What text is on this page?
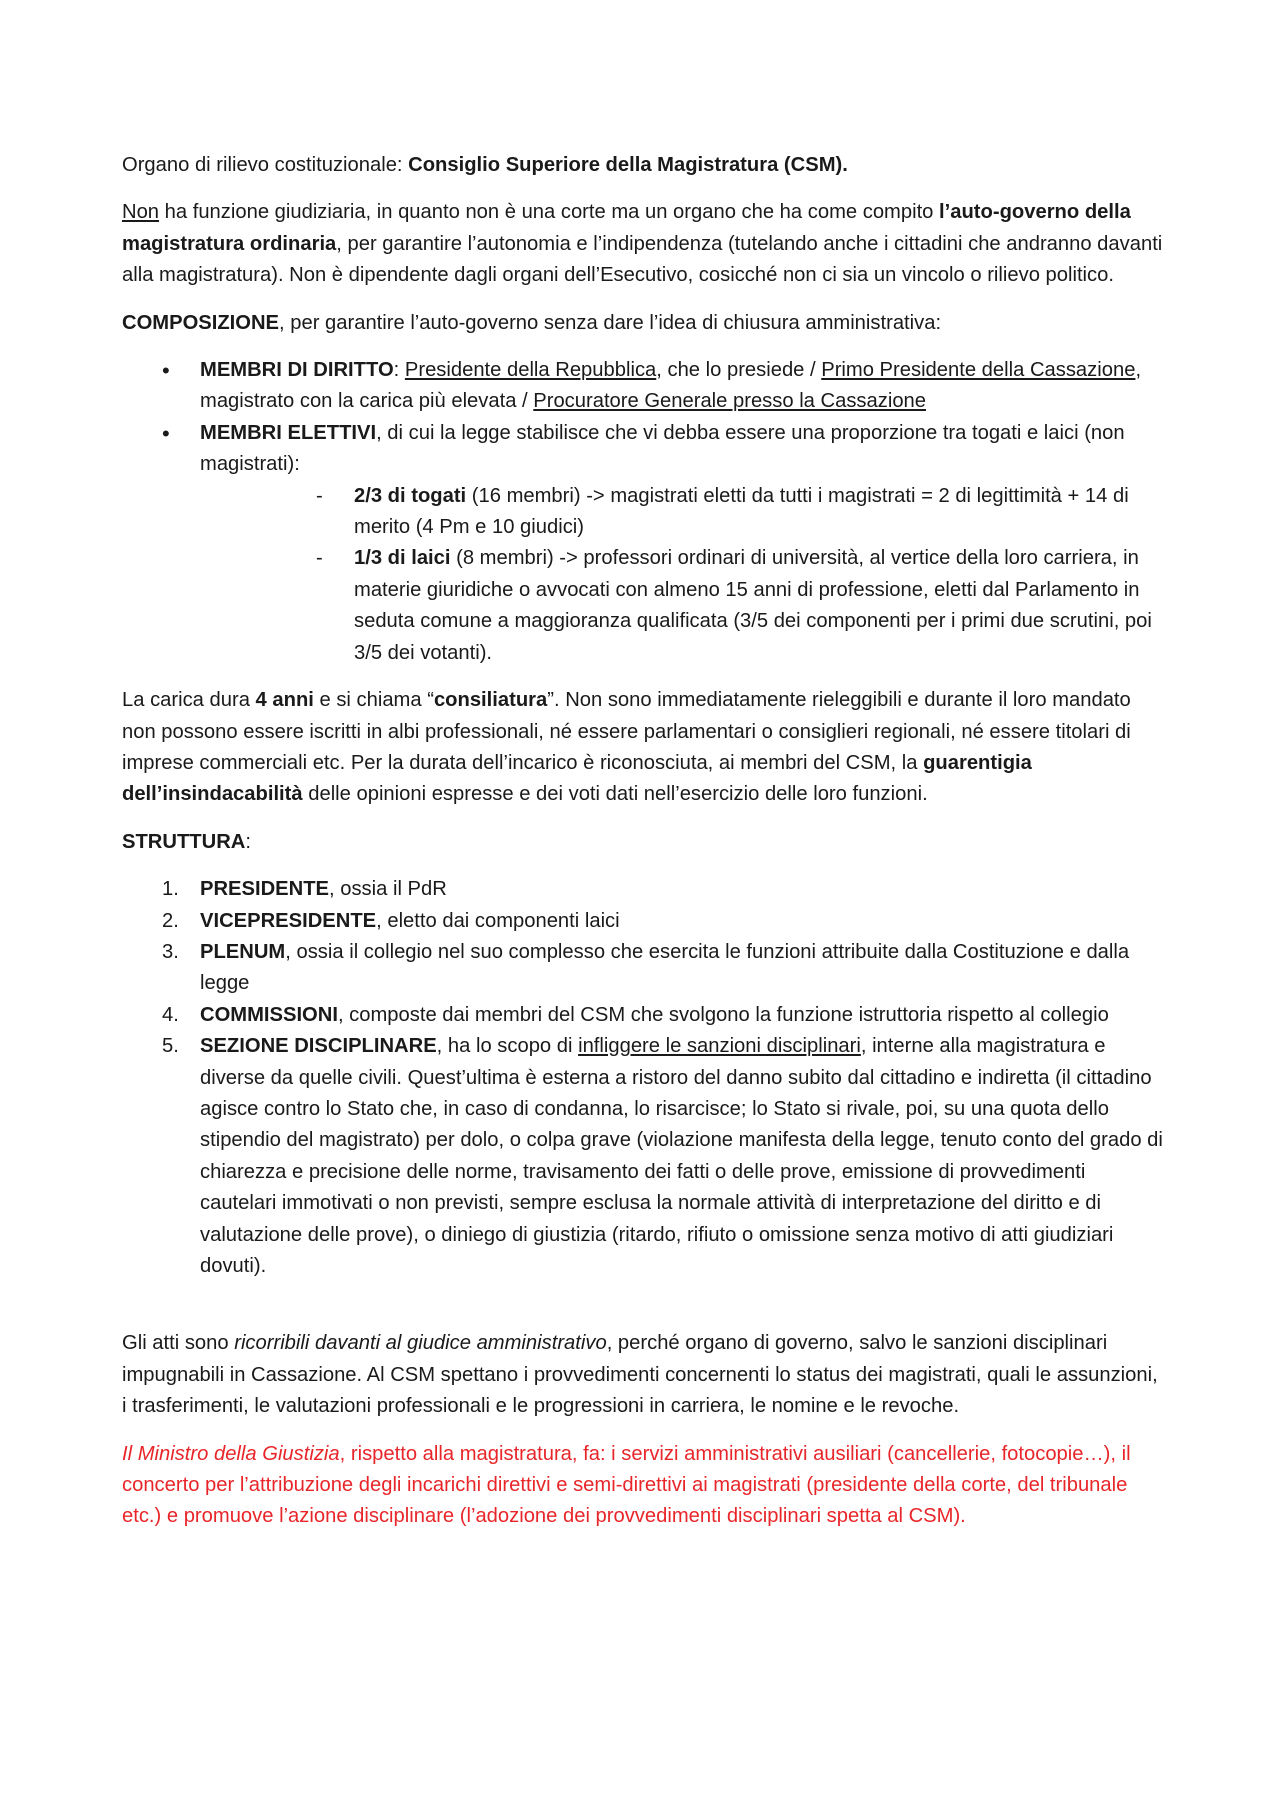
Organo di rilievo costituzionale: Consiglio Superiore della Magistratura (CSM).

Non ha funzione giudiziaria, in quanto non è una corte ma un organo che ha come compito l’auto-governo della magistratura ordinaria, per garantire l’autonomia e l’indipendenza (tutelando anche i cittadini che andranno davanti alla magistratura). Non è dipendente dagli organi dell’Esecutivo, cosicché non ci sia un vincolo o rilievo politico.

COMPOSIZIONE, per garantire l’auto-governo senza dare l’idea di chiusura amministrativa:

• MEMBRI DI DIRITTO: Presidente della Repubblica, che lo presiede / Primo Presidente della Cassazione, magistrato con la carica più elevata / Procuratore Generale presso la Cassazione
• MEMBRI ELETTIVI, di cui la legge stabilisce che vi debba essere una proporzione tra togati e laici (non magistrati):
- 2/3 di togati (16 membri) -> magistrati eletti da tutti i magistrati = 2 di legittimità + 14 di merito (4 Pm e 10 giudici)
- 1/3 di laici (8 membri) -> professori ordinari di università, al vertice della loro carriera, in materie giuridiche o avvocati con almeno 15 anni di professione, eletti dal Parlamento in seduta comune a maggioranza qualificata (3/5 dei componenti per i primi due scrutini, poi 3/5 dei votanti).

La carica dura 4 anni e si chiama “consiliatura”. Non sono immediatamente rieleggibili e durante il loro mandato non possono essere iscritti in albi professionali, né essere parlamentari o consiglieri regionali, né essere titolari di imprese commerciali etc. Per la durata dell’incarico è riconosciuta, ai membri del CSM, la guarentigia dell’insindacabilità delle opinioni espresse e dei voti dati nell’esercizio delle loro funzioni.

STRUTTURA:

1. PRESIDENTE, ossia il PdR
2. VICEPRESIDENTE, eletto dai componenti laici
3. PLENUM, ossia il collegio nel suo complesso che esercita le funzioni attribuite dalla Costituzione e dalla legge
4. COMMISSIONI, composte dai membri del CSM che svolgono la funzione istruttoria rispetto al collegio
5. SEZIONE DISCIPLINARE, ha lo scopo di infliggere le sanzioni disciplinari, interne alla magistratura e diverse da quelle civili. Quest’ultima è esterna a ristoro del danno subito dal cittadino e indiretta (il cittadino agisce contro lo Stato che, in caso di condanna, lo risarcisce; lo Stato si rivale, poi, su una quota dello stipendio del magistrato) per dolo, o colpa grave (violazione manifesta della legge, tenuto conto del grado di chiarezza e precisione delle norme, travisamento dei fatti o delle prove, emissione di provvedimenti cautelari immotivati o non previsti, sempre esclusa la normale attività di interpretazione del diritto e di valutazione delle prove), o diniego di giustizia (ritardo, rifiuto o omissione senza motivo di atti giudiziari dovuti).

Gli atti sono ricorribili davanti al giudice amministrativo, perché organo di governo, salvo le sanzioni disciplinari impugnabili in Cassazione. Al CSM spettano i provvedimenti concernenti lo status dei magistrati, quali le assunzioni, i trasferimenti, le valutazioni professionali e le progressioni in carriera, le nomine e le revoche.

Il Ministro della Giustizia, rispetto alla magistratura, fa: i servizi amministrativi ausiliari (cancellerie, fotocopie…), il concerto per l’attribuzione degli incarichi direttivi e semi-direttivi ai magistrati (presidente della corte, del tribunale etc.) e promuove l’azione disciplinare (l’adozione dei provvedimenti disciplinari spetta al CSM).
